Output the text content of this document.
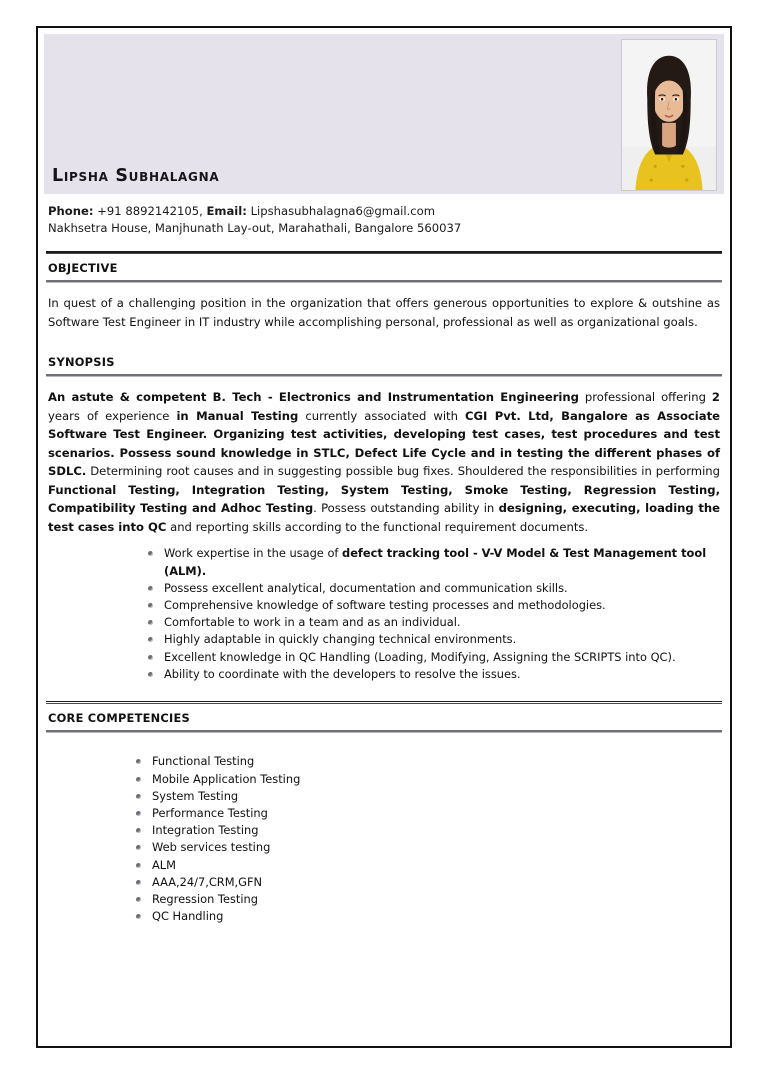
Lipsha Subhalagna
Phone: +91 8892142105, Email: Lipshasubhalagna6@gmail.com
Nakhsetra House, Manjhunath Lay-out, Marahathali, Bangalore 560037
OBJECTIVE
In quest of a challenging position in the organization that offers generous opportunities to explore & outshine as Software Test Engineer in IT industry while accomplishing personal, professional as well as organizational goals.
SYNOPSIS
An astute & competent B. Tech - Electronics and Instrumentation Engineering professional offering 2 years of experience in Manual Testing currently associated with CGI Pvt. Ltd, Bangalore as Associate Software Test Engineer. Organizing test activities, developing test cases, test procedures and test scenarios. Possess sound knowledge in STLC, Defect Life Cycle and in testing the different phases of SDLC. Determining root causes and in suggesting possible bug fixes. Shouldered the responsibilities in performing Functional Testing, Integration Testing, System Testing, Smoke Testing, Regression Testing, Compatibility Testing and Adhoc Testing. Possess outstanding ability in designing, executing, loading the test cases into QC and reporting skills according to the functional requirement documents.
Work expertise in the usage of defect tracking tool - V-V Model & Test Management tool (ALM).
Possess excellent analytical, documentation and communication skills.
Comprehensive knowledge of software testing processes and methodologies.
Comfortable to work in a team and as an individual.
Highly adaptable in quickly changing technical environments.
Excellent knowledge in QC Handling (Loading, Modifying, Assigning the SCRIPTS into QC).
Ability to coordinate with the developers to resolve the issues.
CORE COMPETENCIES
Functional Testing
Mobile Application Testing
System Testing
Performance Testing
Integration Testing
Web services testing
ALM
AAA,24/7,CRM,GFN
Regression Testing
QC Handling
